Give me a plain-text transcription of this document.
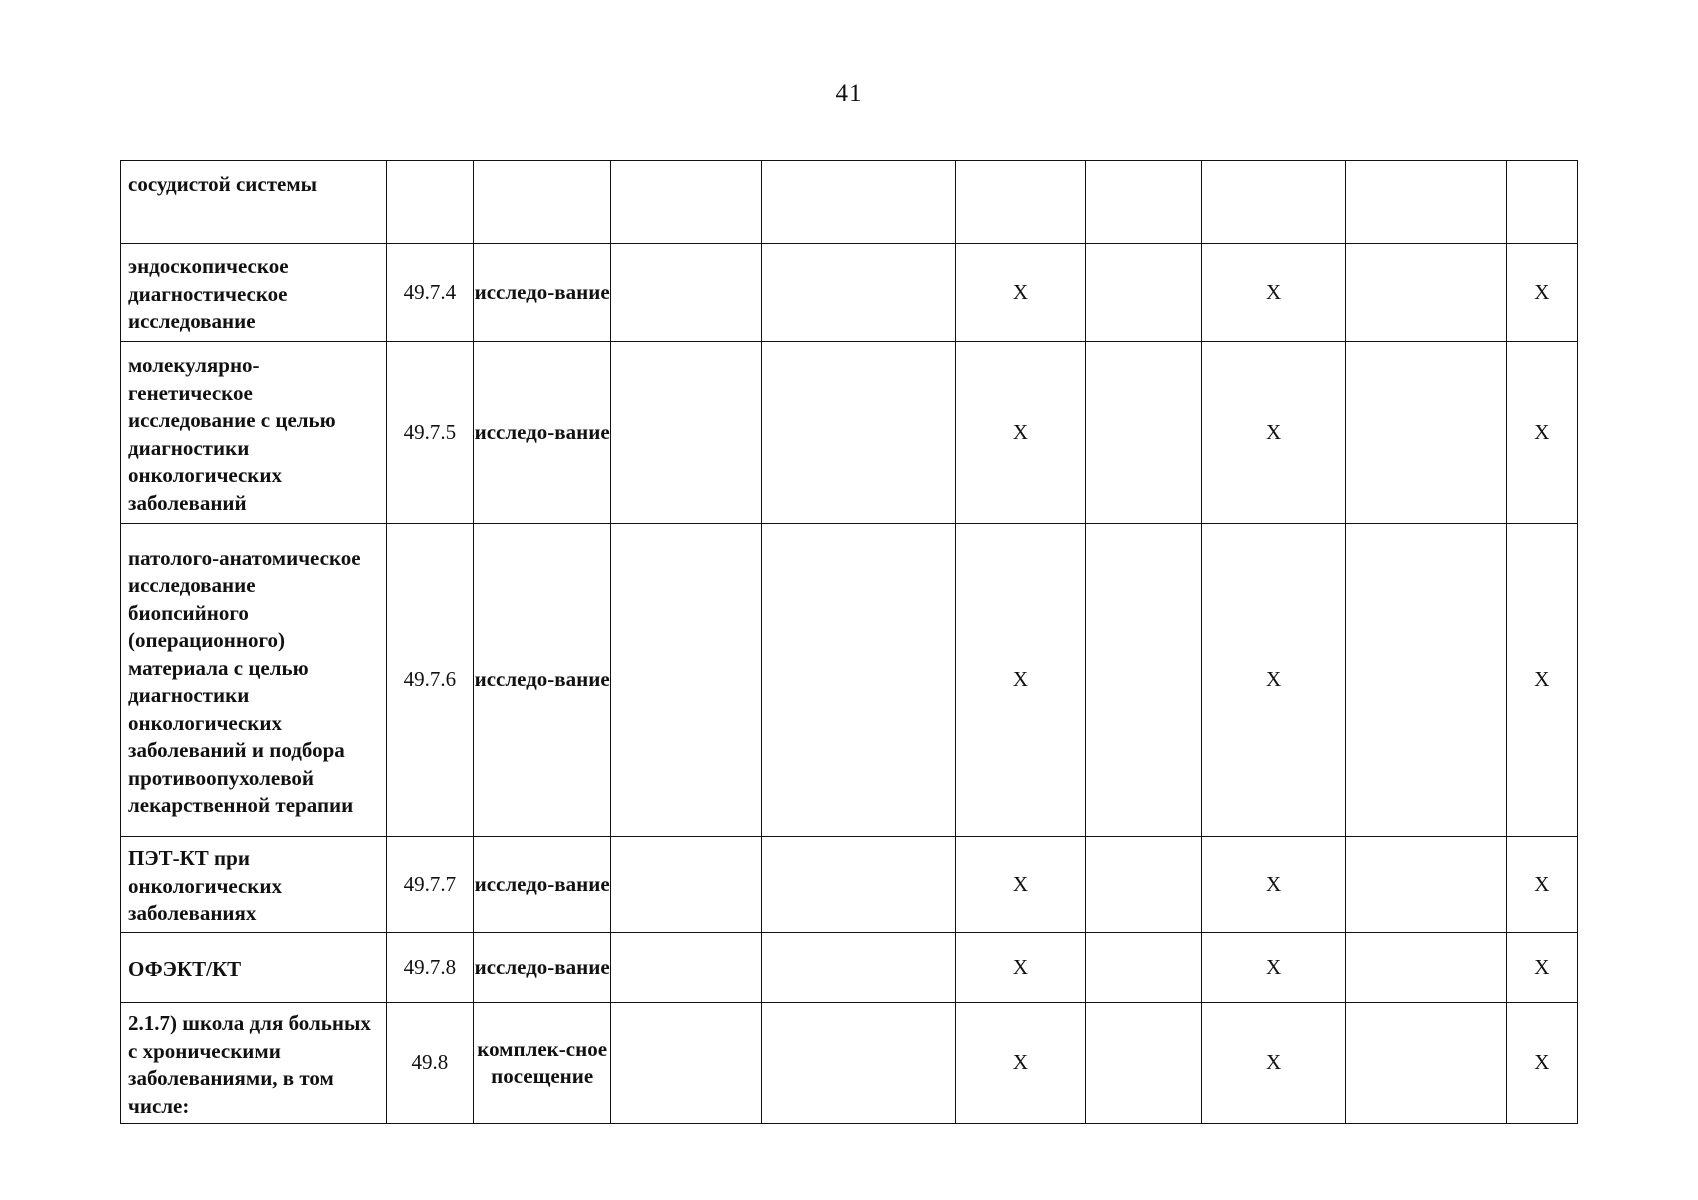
41
сосудистой системы									
эндоскопическое диагностическое исследование	49.7.4	исследо-вание			X		X		X
молекулярно-генетическое исследование с целью диагностики онкологических заболеваний	49.7.5	исследо-вание			X		X		X
патолого-анатомическое исследование биопсийного (операционного) материала с целью диагностики онкологических заболеваний и подбора противоопухолевой лекарственной терапии	49.7.6	исследо-вание			X		X		X
ПЭТ-КТ при онкологических заболеваниях	49.7.7	исследо-вание			X		X		X
ОФЭКТ/КТ	49.7.8	исследо-вание			X		X		X
2.1.7) школа для больных с хроническими заболеваниями, в том числе:	49.8	комплек-сное посещение			X		X		X
